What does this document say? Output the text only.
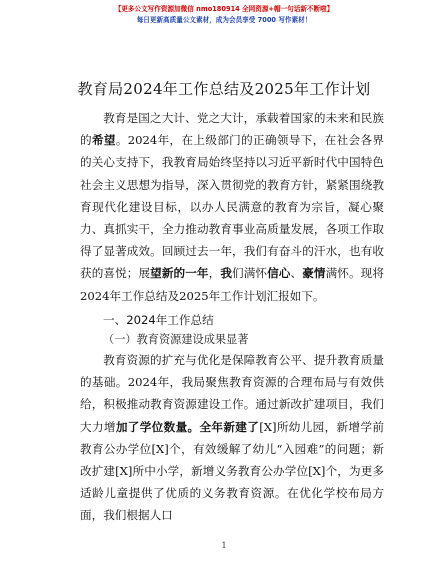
【更多公文写作资源加微信 nmo180914 全网资源+帽一句话新不断啦】
每日更新高质量公文素材，成为会员享受 7000 写作素材！
教育局2024年工作总结及2025年工作计划

教育是国之大计、党之大计，承载着国家的未来和民族的希望。2024年，在上级部门的正确领导下，在社会各界的关心支持下，我教育局始终坚持以习近平新时代中国特色社会主义思想为指导，深入贯彻党的教育方针，紧紧围绕教育现代化建设目标，以办人民满意的教育为宗旨，凝心聚力、真抓实干，全力推动教育事业高质量发展，各项工作取得了显著成效。回顾过去一年，我们有奋斗的汗水，也有收获的喜悦；展望新的一年，我们满怀信心、豪情满怀。现将2024年工作总结及2025年工作计划汇报如下。

一、2024年工作总结
（一）教育资源建设成果显著

教育资源的扩充与优化是保障教育公平、提升教育质量的基础。2024年，我局聚焦教育资源的合理布局与有效供给，积极推动教育资源建设工作。通过新改扩建项目，我们大力增加了学位数量。全年新建了[X]所幼儿园，新增学前教育公办学位[X]个，有效缓解了幼儿“入园难”的问题；新改扩建[X]所中小学，新增义务教育公办学位[X]个，为更多适龄儿童提供了优质的义务教育资源。在优化学校布局方面，我们根据人口

1
